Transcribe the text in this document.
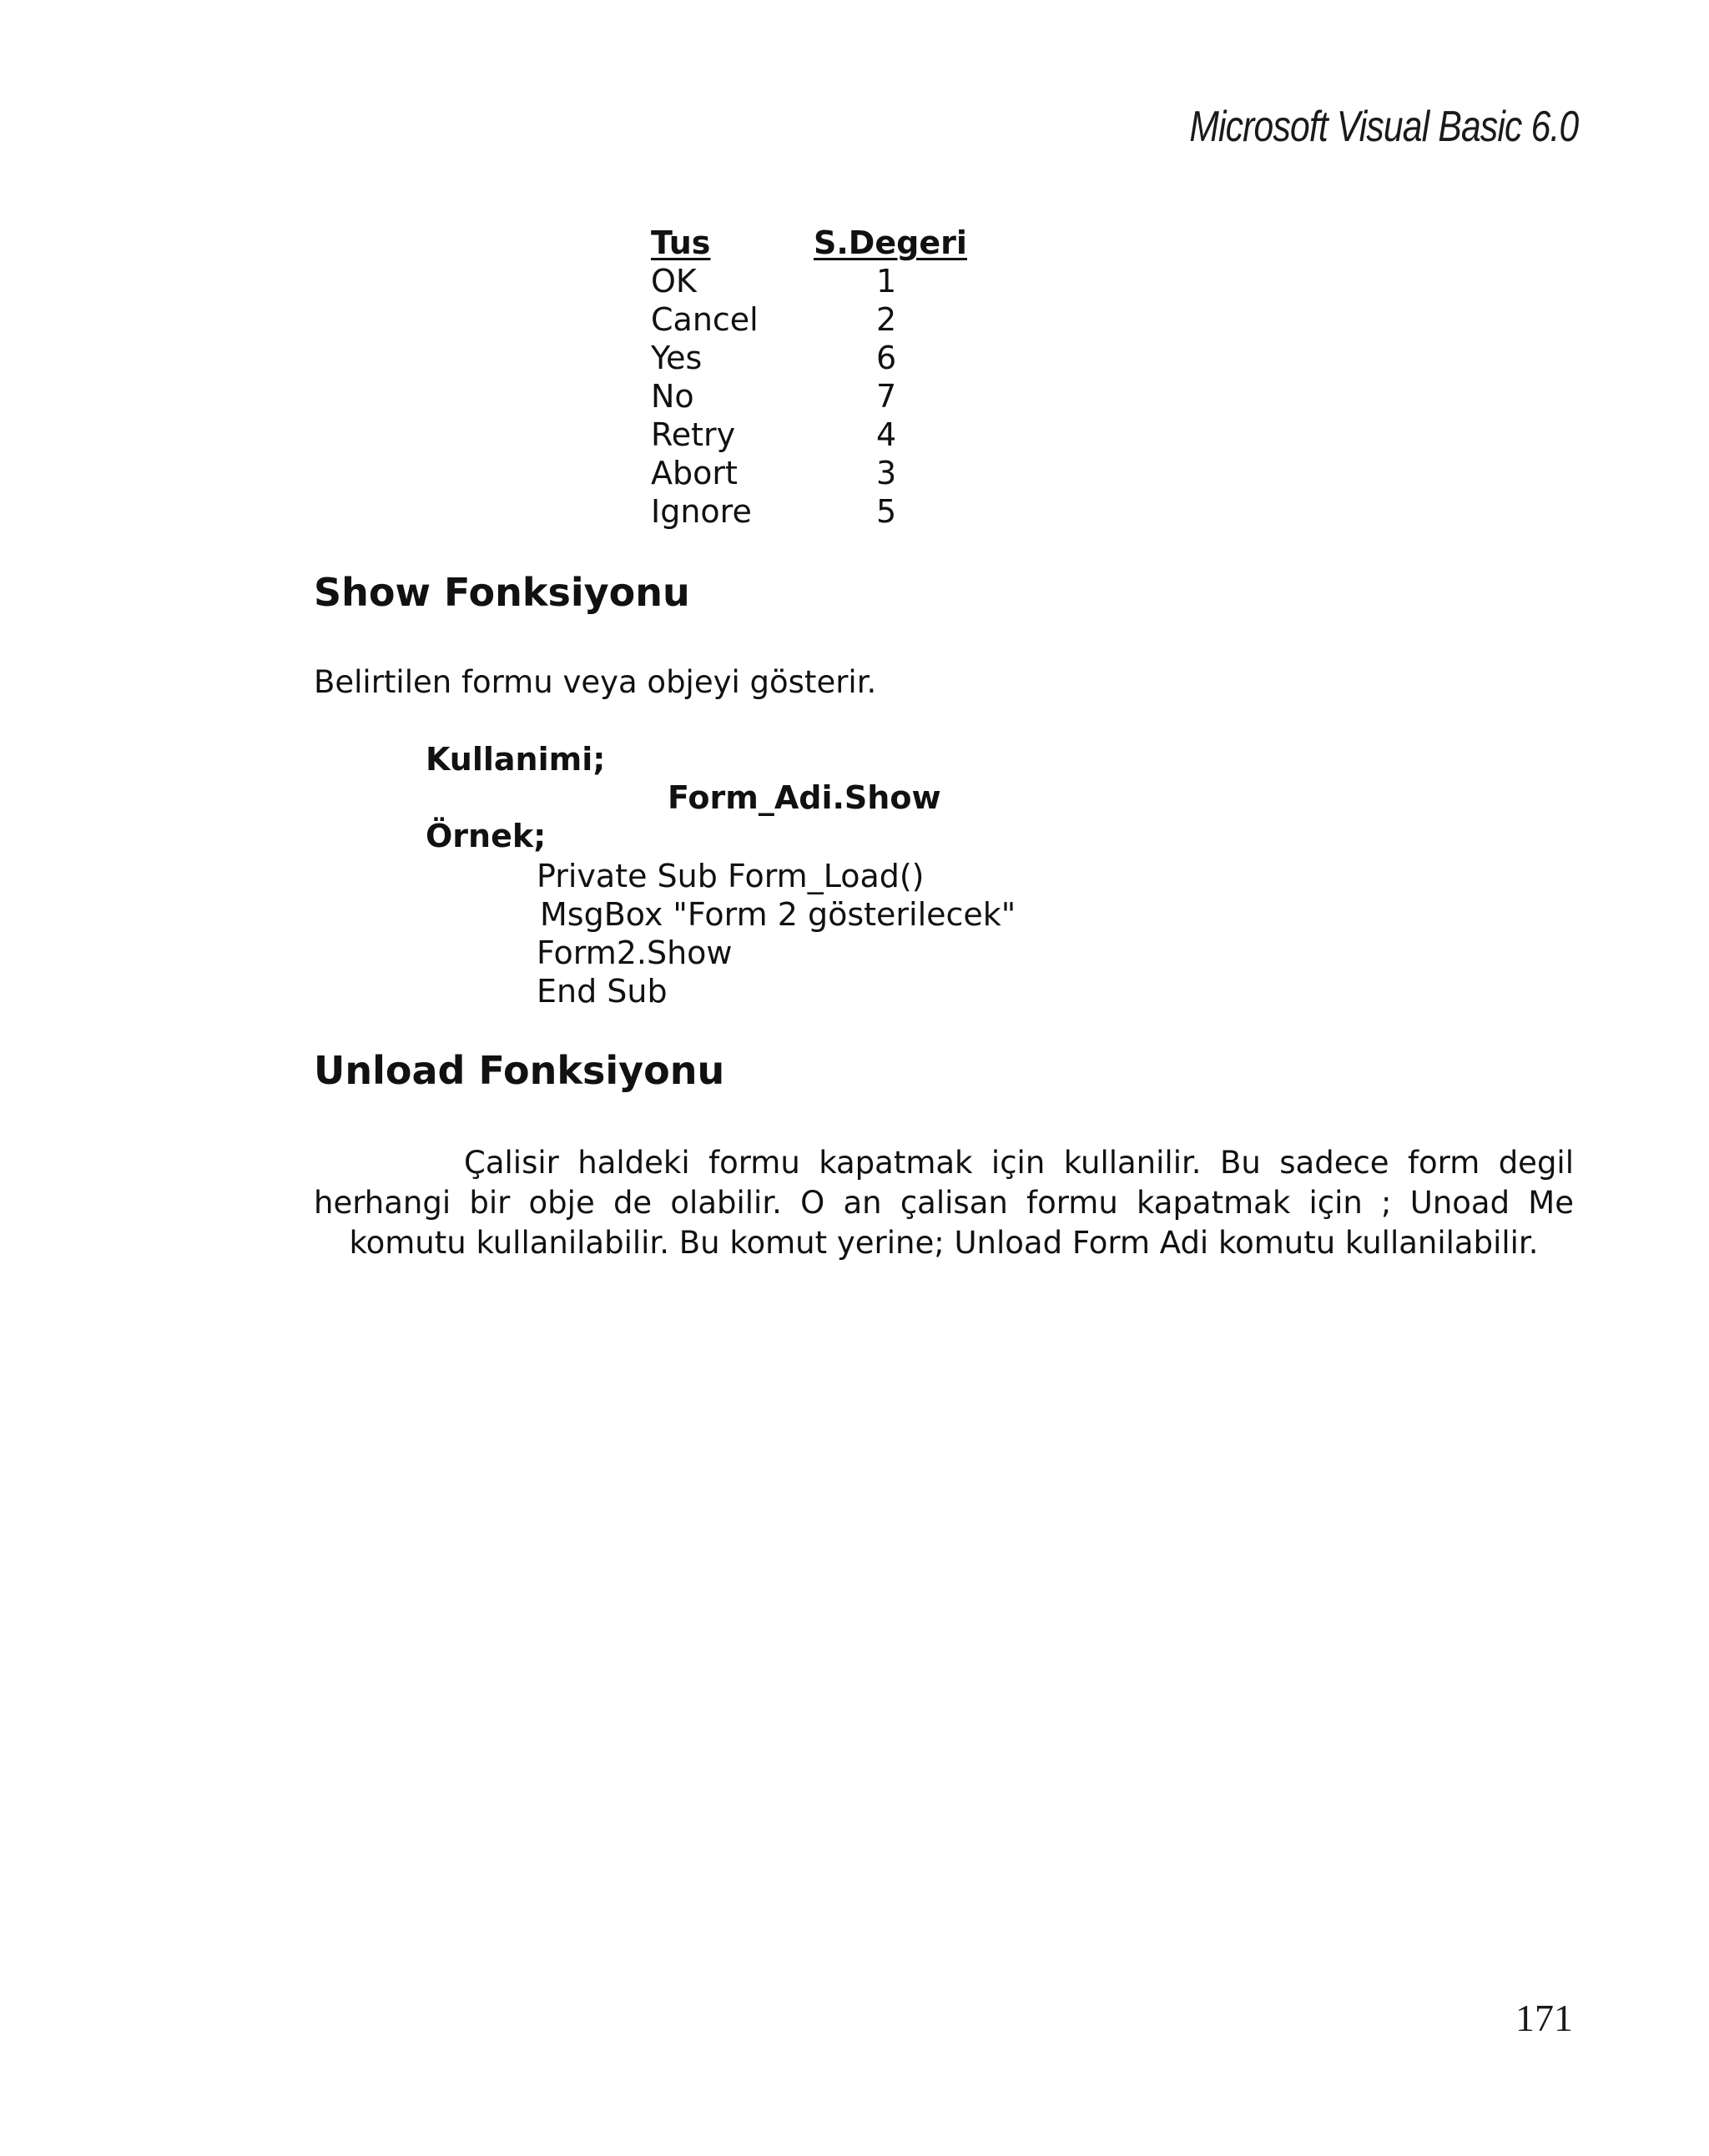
Microsoft Visual Basic 6.0
Tus	S.Degeri
OK	1
Cancel	2
Yes	6
No	7
Retry	4
Abort	3
Ignore	5
Show Fonksiyonu
Belirtilen formu veya objeyi gösterir.
Kullanimi;
Form_Adi.Show
Örnek;
Private Sub Form_Load()
MsgBox "Form 2 gösterilecek"
Form2.Show
End Sub
Unload Fonksiyonu

Çalisir haldeki formu kapatmak için kullanilir. Bu sadece form degil herhangi bir obje de olabilir. O an çalisan formu kapatmak için ; Unoad Me komutu kullanilabilir. Bu komut yerine; Unload Form Adi komutu kullanilabilir.

171
